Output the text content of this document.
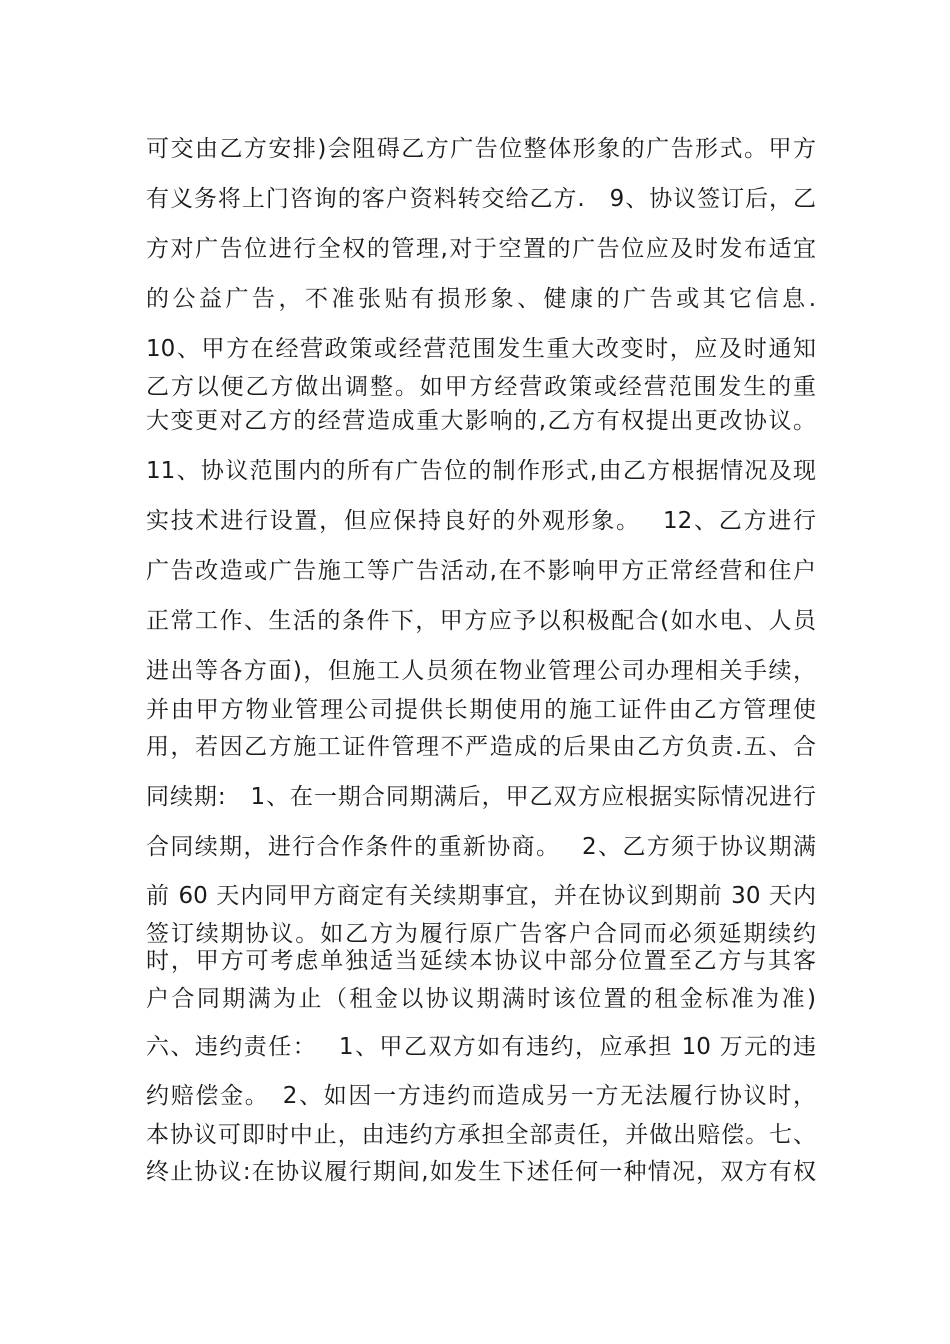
可交由乙方安排)会阻碍乙方广告位整体形象的广告形式。甲方
有义务将上门咨询的客户资料转交给乙方.　9、协议签订后，乙
方对广告位进行全权的管理,对于空置的广告位应及时发布适宜
的公益广告，不准张贴有损形象、健康的广告或其它信息.
10、甲方在经营政策或经营范围发生重大改变时，应及时通知
乙方以便乙方做出调整。如甲方经营政策或经营范围发生的重
大变更对乙方的经营造成重大影响的,乙方有权提出更改协议。
11、协议范围内的所有广告位的制作形式,由乙方根据情况及现
实技术进行设置，但应保持良好的外观形象。　 12、乙方进行
广告改造或广告施工等广告活动,在不影响甲方正常经营和住户
正常工作、生活的条件下，甲方应予以积极配合(如水电、人员
进出等各方面)，但施工人员须在物业管理公司办理相关手续，
并由甲方物业管理公司提供长期使用的施工证件由乙方管理使
用，若因乙方施工证件管理不严造成的后果由乙方负责.五、合
同续期:　1、在一期合同期满后，甲乙双方应根据实际情况进行
合同续期，进行合作条件的重新协商。　 2、乙方须于协议期满
前 60 天内同甲方商定有关续期事宜，并在协议到期前 30 天内
签订续期协议。如乙方为履行原广告客户合同而必须延期续约
时，甲方可考虑单独适当延续本协议中部分位置至乙方与其客
户合同期满为止（租金以协议期满时该位置的租金标准为准)
六、违约责任：　 1、甲乙双方如有违约，应承担 10 万元的违
约赔偿金。　2、如因一方违约而造成另一方无法履行协议时，
本协议可即时中止，由违约方承担全部责任，并做出赔偿。七、
终止协议:在协议履行期间,如发生下述任何一种情况，双方有权
